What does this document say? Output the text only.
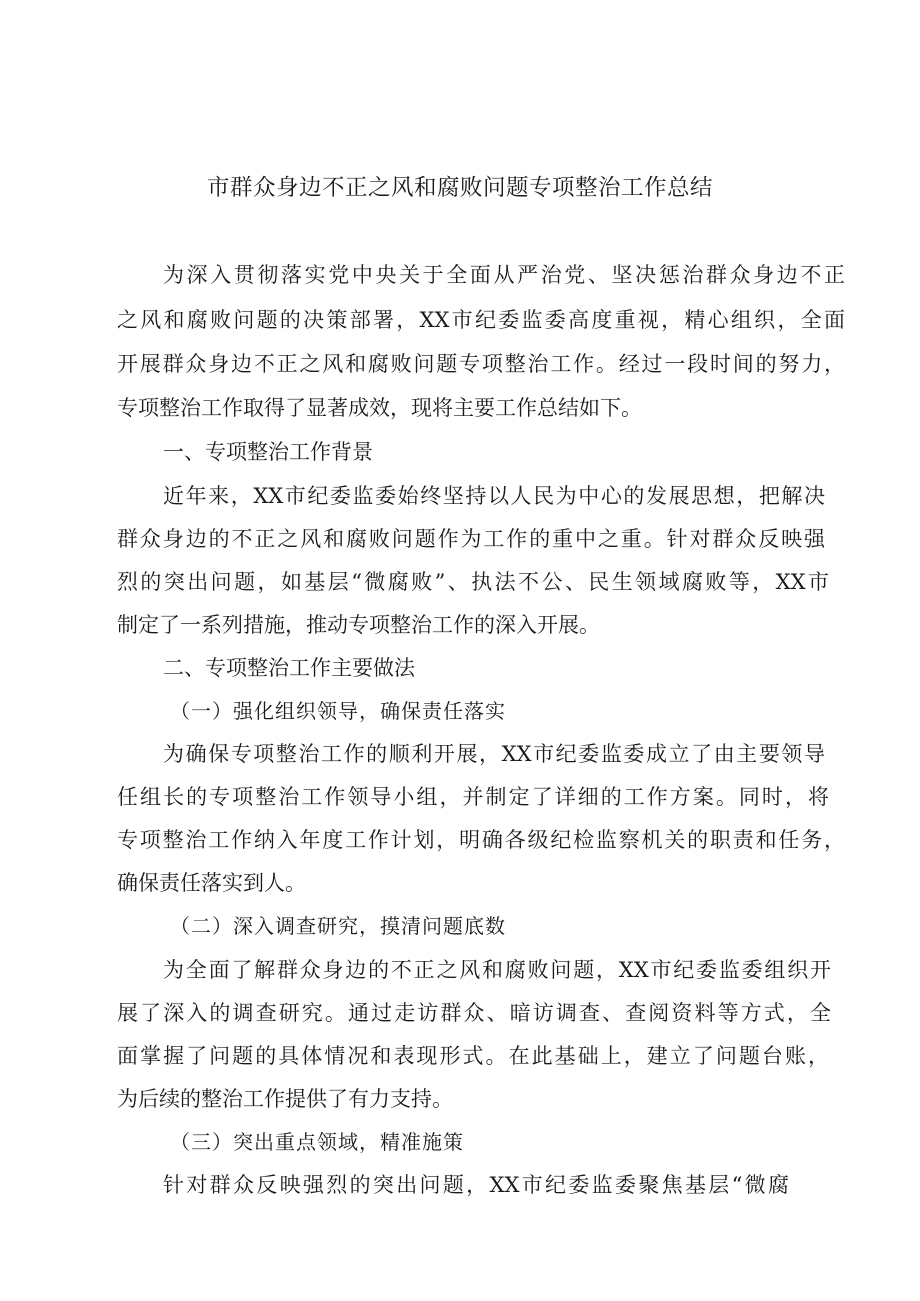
市群众身边不正之风和腐败问题专项整治工作总结
为深入贯彻落实党中央关于全面从严治党、坚决惩治群众身边不正
之风和腐败问题的决策部署，XX市纪委监委高度重视，精心组织，全面
开展群众身边不正之风和腐败问题专项整治工作。经过一段时间的努力，
专项整治工作取得了显著成效，现将主要工作总结如下。
一、专项整治工作背景
近年来，XX市纪委监委始终坚持以人民为中心的发展思想，把解决
群众身边的不正之风和腐败问题作为工作的重中之重。针对群众反映强
烈的突出问题，如基层“微腐败”、执法不公、民生领域腐败等，XX市
制定了一系列措施，推动专项整治工作的深入开展。
二、专项整治工作主要做法
（一）强化组织领导，确保责任落实
为确保专项整治工作的顺利开展，XX市纪委监委成立了由主要领导
任组长的专项整治工作领导小组，并制定了详细的工作方案。同时，将
专项整治工作纳入年度工作计划，明确各级纪检监察机关的职责和任务，
确保责任落实到人。
（二）深入调查研究，摸清问题底数
为全面了解群众身边的不正之风和腐败问题，XX市纪委监委组织开
展了深入的调查研究。通过走访群众、暗访调查、查阅资料等方式，全
面掌握了问题的具体情况和表现形式。在此基础上，建立了问题台账，
为后续的整治工作提供了有力支持。
（三）突出重点领域，精准施策
针对群众反映强烈的突出问题，XX市纪委监委聚焦基层“微腐
